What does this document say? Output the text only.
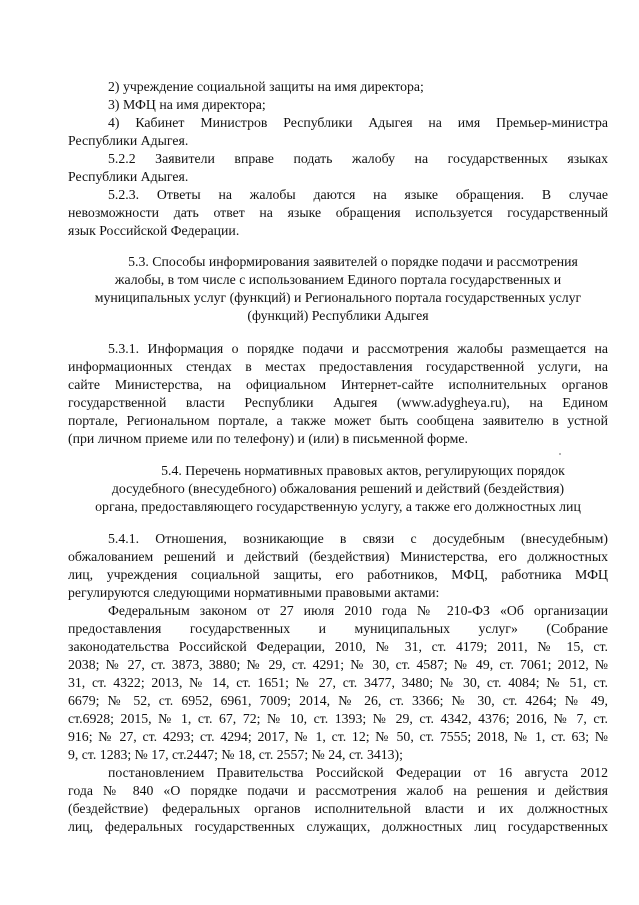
2) учреждение социальной защиты на имя директора;

3) МФЦ на имя директора;

4) Кабинет Министров Республики Адыгея на имя Премьер-министра

Республики Адыгея.

5.2.2 Заявители вправе подать жалобу на государственных языках

Республики Адыгея.

5.2.3. Ответы на жалобы даются на языке обращения. В случае

невозможности дать ответ на языке обращения используется государственный

язык Российской Федерации.

5.3. Способы информирования заявителей о порядке подачи и рассмотрения

жалобы, в том числе с использованием Единого портала государственных и

муниципальных услуг (функций) и Регионального портала государственных услуг

(функций) Республики Адыгея

5.3.1. Информация о порядке подачи и рассмотрения жалобы размещается на

информационных стендах в местах предоставления государственной услуги, на

сайте Министерства, на официальном Интернет-сайте исполнительных органов

государственной власти Республики Адыгея (www.adygheya.ru), на Едином

портале, Региональном портале, а также может быть сообщена заявителю в устной

(при личном приеме или по телефону) и (или) в письменной форме.

5.4. Перечень нормативных правовых актов, регулирующих порядок

досудебного (внесудебного) обжалования решений и действий (бездействия)

органа, предоставляющего государственную услугу, а также его должностных лиц

5.4.1. Отношения, возникающие в связи с досудебным (внесудебным)

обжалованием решений и действий (бездействия) Министерства, его должностных

лиц, учреждения социальной защиты, его работников, МФЦ, работника МФЦ

регулируются следующими нормативными правовыми актами:

Федеральным законом от 27 июля 2010 года № 210-ФЗ «Об организации

предоставления государственных и муниципальных услуг» (Собрание

законодательства Российской Федерации, 2010, № 31, ст. 4179; 2011, № 15, ст.

2038; № 27, ст. 3873, 3880; № 29, ст. 4291; № 30, ст. 4587; № 49, ст. 7061; 2012, №

31, ст. 4322; 2013, № 14, ст. 1651; № 27, ст. 3477, 3480; № 30, ст. 4084; № 51, ст.

6679; № 52, ст. 6952, 6961, 7009; 2014, № 26, ст. 3366; № 30, ст. 4264; № 49,

ст.6928; 2015, № 1, ст. 67, 72; № 10, ст. 1393; № 29, ст. 4342, 4376; 2016, № 7, ст.

916; № 27, ст. 4293; ст. 4294; 2017, № 1, ст. 12; № 50, ст. 7555; 2018, № 1, ст. 63; №

9, ст. 1283; № 17, ст.2447; № 18, ст. 2557; № 24, ст. 3413);

постановлением Правительства Российской Федерации от 16 августа 2012

года № 840 «О порядке подачи и рассмотрения жалоб на решения и действия

(бездействие) федеральных органов исполнительной власти и их должностных

лиц, федеральных государственных служащих, должностных лиц государственных
